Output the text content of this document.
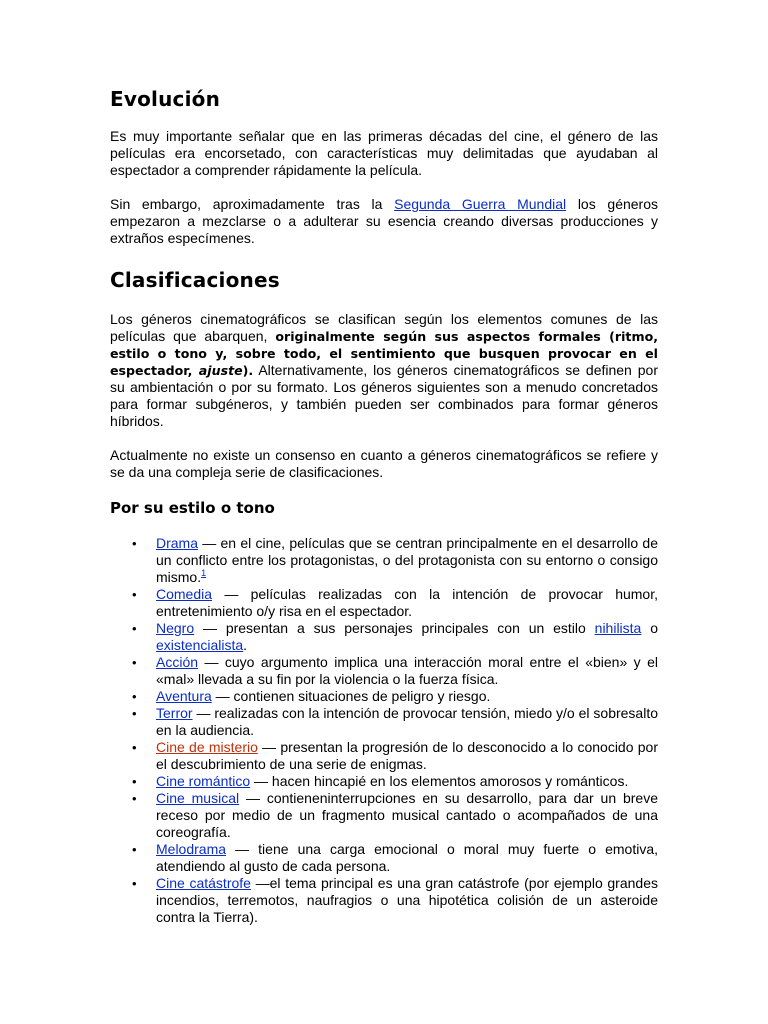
Evolución

Es muy importante señalar que en las primeras décadas del cine, el género de las películas era encorsetado, con características muy delimitadas que ayudaban al espectador a comprender rápidamente la película.

Sin embargo, aproximadamente tras la Segunda Guerra Mundial los géneros empezaron a mezclarse o a adulterar su esencia creando diversas producciones y extraños especímenes.

Clasificaciones

Los géneros cinematográficos se clasifican según los elementos comunes de las películas que abarquen, originalmente según sus aspectos formales (ritmo, estilo o tono y, sobre todo, el sentimiento que busquen provocar en el espectador, ajuste). Alternativamente, los géneros cinematográficos se definen por su ambientación o por su formato. Los géneros siguientes son a menudo concretados para formar subgéneros, y también pueden ser combinados para formar géneros híbridos.

Actualmente no existe un consenso en cuanto a géneros cinematográficos se refiere y se da una compleja serie de clasificaciones.

Por su estilo o tono
• Drama — en el cine, películas que se centran principalmente en el desarrollo de un conflicto entre los protagonistas, o del protagonista con su entorno o consigo mismo.$^1$
• Comedia — películas realizadas con la intención de provocar humor, entretenimiento o/y risa en el espectador.
• Negro — presentan a sus personajes principales con un estilo nihilista o existencialista.
• Acción — cuyo argumento implica una interacción moral entre el «bien» y el «mal» llevada a su fin por la violencia o la fuerza física.
• Aventura — contienen situaciones de peligro y riesgo.
• Terror — realizadas con la intención de provocar tensión, miedo y/o el sobresalto en la audiencia.
• Cine de misterio — presentan la progresión de lo desconocido a lo conocido por el descubrimiento de una serie de enigmas.
• Cine romántico — hacen hincapié en los elementos amorosos y románticos.
• Cine musical — contieneninterrupciones en su desarrollo, para dar un breve receso por medio de un fragmento musical cantado o acompañados de una coreografía.
• Melodrama — tiene una carga emocional o moral muy fuerte o emotiva, atendiendo al gusto de cada persona.
• Cine catástrofe —el tema principal es una gran catástrofe (por ejemplo grandes incendios, terremotos, naufragios o una hipotética colisión de un asteroide contra la Tierra).
